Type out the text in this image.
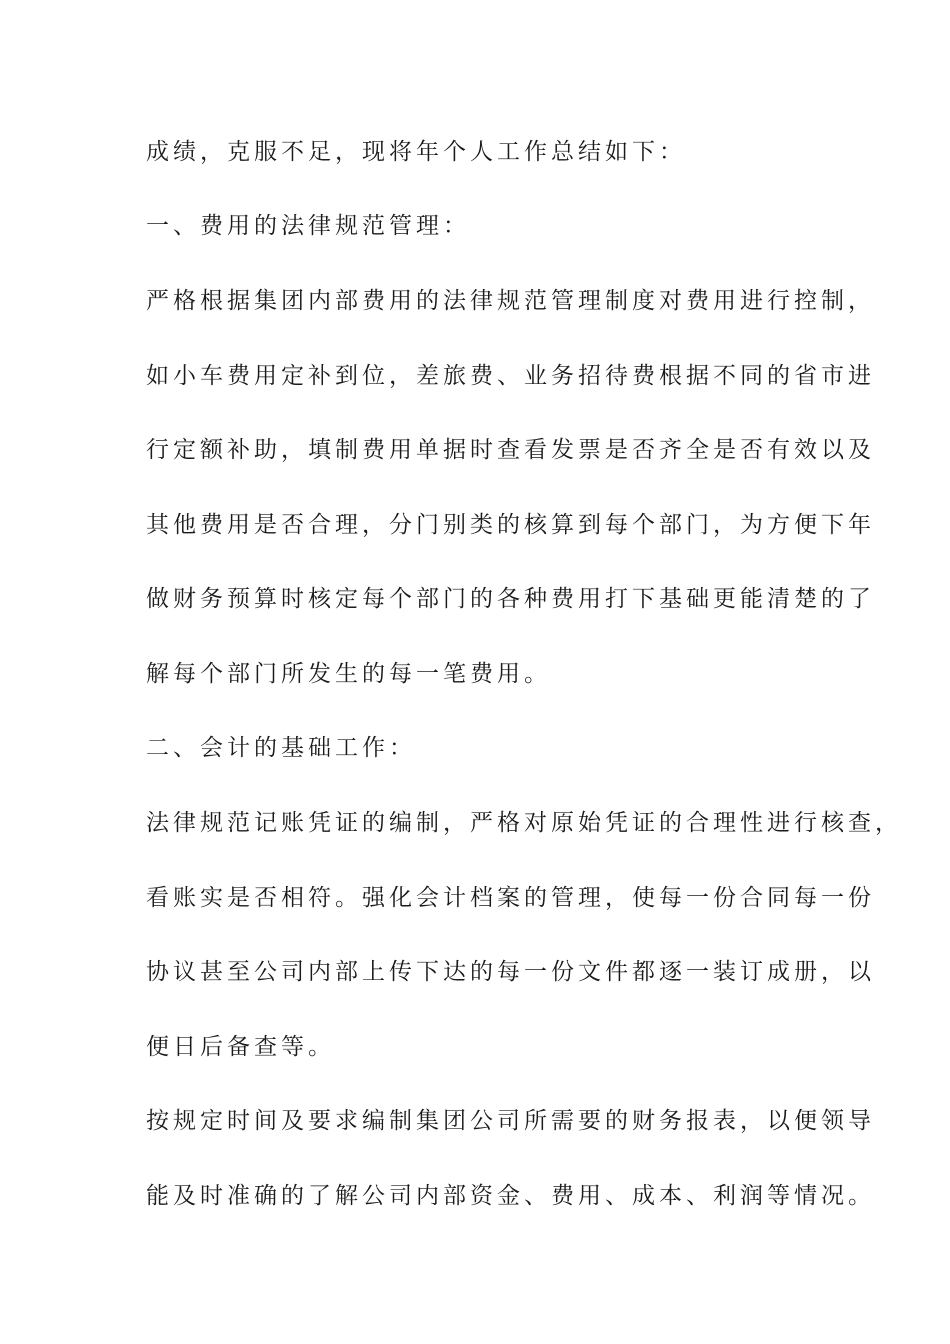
成绩，克服不足，现将年个人工作总结如下：
一、费用的法律规范管理：
严格根据集团内部费用的法律规范管理制度对费用进行控制，
如小车费用定补到位，差旅费、业务招待费根据不同的省市进
行定额补助，填制费用单据时查看发票是否齐全是否有效以及
其他费用是否合理，分门别类的核算到每个部门，为方便下年
做财务预算时核定每个部门的各种费用打下基础更能清楚的了
解每个部门所发生的每一笔费用。
二、会计的基础工作：
法律规范记账凭证的编制，严格对原始凭证的合理性进行核查，
看账实是否相符。强化会计档案的管理，使每一份合同每一份
协议甚至公司内部上传下达的每一份文件都逐一装订成册，以
便日后备查等。
按规定时间及要求编制集团公司所需要的财务报表，以便领导
能及时准确的了解公司内部资金、费用、成本、利润等情况。
